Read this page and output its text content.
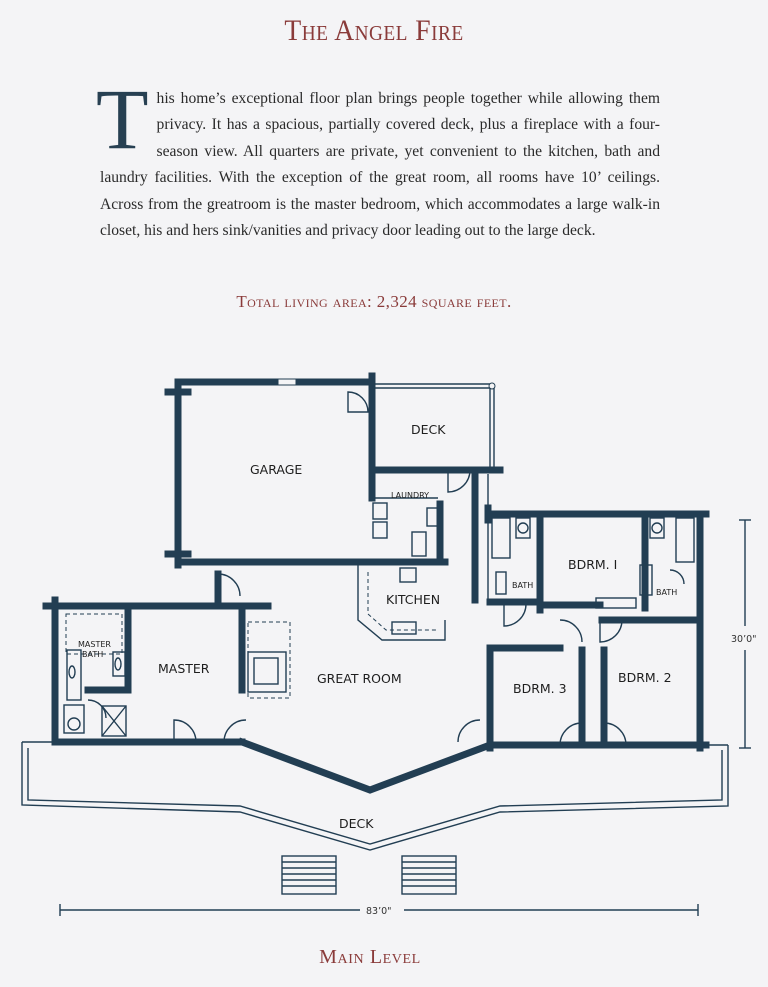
The Angel Fire
This home’s exceptional floor plan brings people together while allowing them privacy. It has a spacious, partially covered deck, plus a fireplace with a four-season view. All quarters are private, yet convenient to the kitchen, bath and laundry facilities. With the exception of the great room, all rooms have 10’ ceilings. Across from the greatroom is the master bedroom, which accommodates a large walk-in closet, his and hers sink/vanities and privacy door leading out to the large deck.
Total living area: 2,324 square feet.
GARAGE
DECK
LAUNDRY
KITCHEN
MASTER
MASTER
BATH
GREAT ROOM
BATH
BDRM. I
BATH
BDRM. 2
BDRM. 3
DECK
83’0"
30’0"
Main Level
